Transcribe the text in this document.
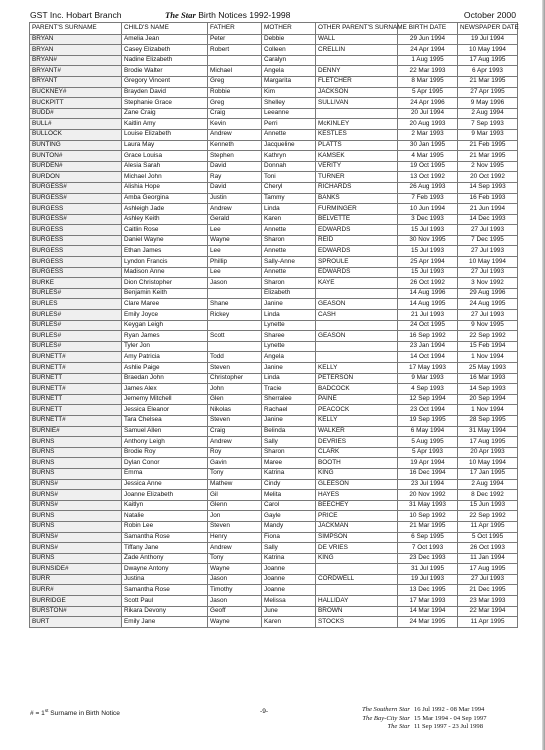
GST Inc. Hobart Branch	The Star Birth Notices 1992-1998	October 2000
PARENT'S SURNAME	CHILD'S NAME	FATHER	MOTHER	OTHER PARENT'S SURNAME	BIRTH DATE	NEWSPAPER DATE
BRYAN	Amelia Jean	Peter	Debbie	WALL	29 Jun 1994	19 Jul 1994
BRYAN	Casey Elizabeth	Robert	Colleen	CRELLIN	24 Apr 1994	10 May 1994
BRYAN#	Nadine Elizabeth		Caralyn		1 Aug 1995	17 Aug 1995
BRYANT#	Brodie Walter	Michael	Angela	DENNY	22 Mar 1993	6 Apr 1993
BRYANT	Gregory Vincent	Greg	Margarita	FLETCHER	8 Mar 1995	21 Mar 1995
BUCKNEY#	Brayden David	Robbie	Kim	JACKSON	5 Apr 1995	27 Apr 1995
BUCKPITT	Stephanie Grace	Greg	Shelley	SULLIVAN	24 Apr 1996	9 May 1996
BUDD#	Zane Craig	Craig	Leeanne		20 Jul 1994	2 Aug 1994
BULL#	Kaitlin Amy	Kevin	Perri	McKINLEY	20 Aug 1993	7 Sep 1993
BULLOCK	Louise Elizabeth	Andrew	Annette	KESTLES	2 Mar 1993	9 Mar 1993
BUNTING	Laura May	Kenneth	Jacqueline	PLATTS	30 Jan 1995	21 Feb 1995
BUNTON#	Grace Louisa	Stephen	Kathryn	KAMSEK	4 Mar 1995	21 Mar 1995
BURDEN#	Alesia Sarah	David	Donnah	VERITY	19 Oct 1995	2 Nov 1995
BURDON	Michael John	Ray	Toni	TURNER	13 Oct 1992	20 Oct 1992
BURGESS#	Alishia Hope	David	Cheryl	RICHARDS	26 Aug 1993	14 Sep 1993
BURGESS#	Amba Georgina	Justin	Tammy	BANKS	7 Feb 1993	16 Feb 1993
BURGESS	Ashleigh Jade	Andrew	Linda	FURMINGER	10 Jun 1994	21 Jun 1994
BURGESS#	Ashley Keith	Gerald	Karen	BELVETTE	3 Dec 1993	14 Dec 1993
BURGESS	Caitlin Rose	Lee	Annette	EDWARDS	15 Jul 1993	27 Jul 1993
BURGESS	Daniel Wayne	Wayne	Sharon	REID	30 Nov 1995	7 Dec 1995
BURGESS	Ethan James	Lee	Annette	EDWARDS	15 Jul 1993	27 Jul 1993
BURGESS	Lyndon Francis	Phillip	Sally-Anne	SPROULE	25 Apr 1994	10 May 1994
BURGESS	Madison Anne	Lee	Annette	EDWARDS	15 Jul 1993	27 Jul 1993
BURKE	Dion Christopher	Jason	Sharon	KAYE	26 Oct 1992	3 Nov 1992
BURLES#	Benjamin Keith		Elizabeth		14 Aug 1996	29 Aug 1996
BURLES	Clare Maree	Shane	Janine	GEASON	14 Aug 1995	24 Aug 1995
BURLES#	Emily Joyce	Rickey	Linda	CASH	21 Jul 1993	27 Jul 1993
BURLES#	Keygan Leigh		Lynette		24 Oct 1995	9 Nov 1995
BURLES#	Ryan James	Scott	Sharee	GEASON	16 Sep 1992	22 Sep 1992
BURLES#	Tyler Jon		Lynette		23 Jan 1994	15 Feb 1994
BURNETT#	Amy Patricia	Todd	Angela		14 Oct 1994	1 Nov 1994
BURNETT#	Ashlie Paige	Steven	Janine	KELLY	17 May 1993	25 May 1993
BURNETT	Braedan John	Christopher	Linda	PETERSON	9 Mar 1993	16 Mar 1993
BURNETT#	James Alex	John	Tracie	BADCOCK	4 Sep 1993	14 Sep 1993
BURNETT	Jememy Mitchell	Glen	Sherralee	PAINE	12 Sep 1994	20 Sep 1994
BURNETT	Jessica Eleanor	Nikolas	Rachael	PEACOCK	23 Oct 1994	1 Nov 1994
BURNETT#	Tara Chelsea	Steven	Janine	KELLY	19 Sep 1995	28 Sep 1995
BURNIE#	Samuel Allen	Craig	Belinda	WALKER	6 May 1994	31 May 1994
BURNS	Anthony Leigh	Andrew	Sally	DEVRIES	5 Aug 1995	17 Aug 1995
BURNS	Brodie Roy	Roy	Sharon	CLARK	5 Apr 1993	20 Apr 1993
BURNS	Dylan Conor	Gavin	Maree	BOOTH	19 Apr 1994	10 May 1994
BURNS	Emma	Tony	Katrina	KING	16 Dec 1994	17 Jan 1995
BURNS#	Jessica Anne	Mathew	Cindy	GLEESON	23 Jul 1994	2 Aug 1994
BURNS#	Joanne Elizabeth	Gil	Melita	HAYES	20 Nov 1992	8 Dec 1992
BURNS#	Kaitlyn	Glenn	Carol	BEECHEY	31 May 1993	15 Jun 1993
BURNS	Natalie	Jon	Gayle	PRICE	10 Sep 1992	22 Sep 1992
BURNS	Robin Lee	Steven	Mandy	JACKMAN	21 Mar 1995	11 Apr 1995
BURNS#	Samantha Rose	Henry	Fiona	SIMPSON	6 Sep 1995	5 Oct 1995
BURNS#	Tiffany Jane	Andrew	Sally	DE VRIES	7 Oct 1993	26 Oct 1993
BURNS	Zade Anthony	Tony	Katrina	KING	23 Dec 1993	11 Jan 1994
BURNSIDE#	Dwayne Antony	Wayne	Joanne		31 Jul 1995	17 Aug 1995
BURR	Justina	Jason	Joanne	CORDWELL	19 Jul 1993	27 Jul 1993
BURR#	Samantha Rose	Timothy	Joanne		13 Dec 1995	21 Dec 1995
BURRIDGE	Scott Paul	Jason	Melissa	HALLIDAY	17 Mar 1993	23 Mar 1993
BURSTON#	Rikara Devony	Geoff	June	BROWN	14 Mar 1994	22 Mar 1994
BURT	Emily Jane	Wayne	Karen	STOCKS	24 Mar 1995	11 Apr 1995
# = 1st Surname in Birth Notice	-9-	The Southern Star 16 Jul 1992 - 08 Mar 1994
The Bay-City Star 15 Mar 1994 - 04 Sep 1997
The Star 11 Sep 1997 - 23 Jul 1998
